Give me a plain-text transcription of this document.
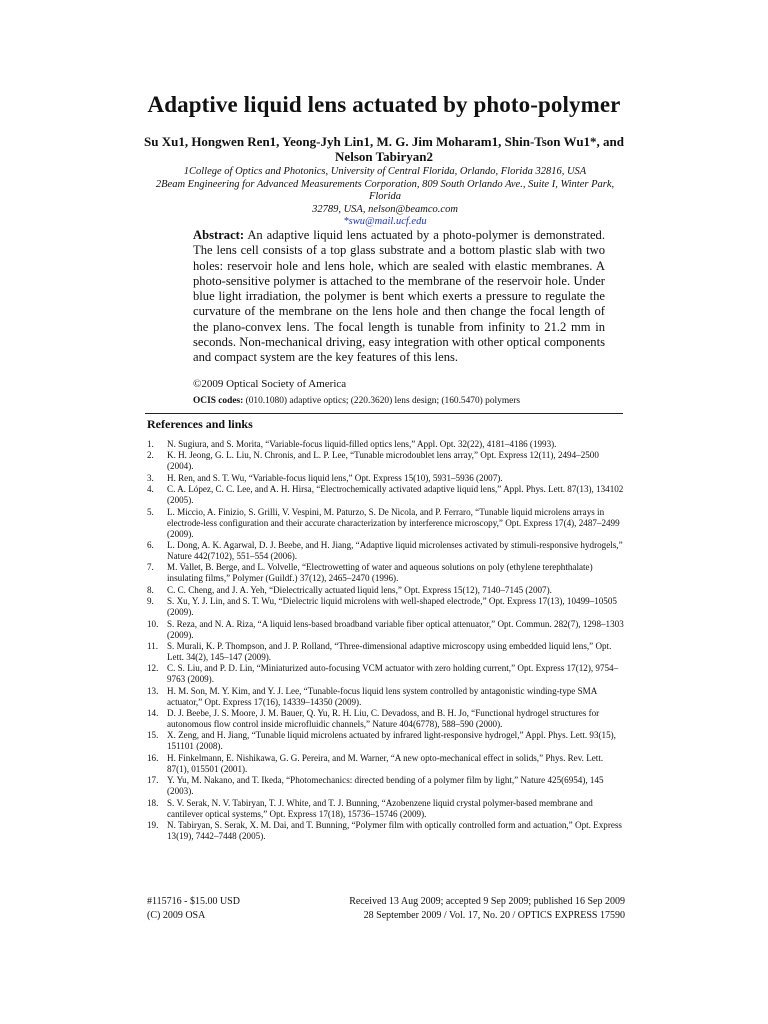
Adaptive liquid lens actuated by photo-polymer
Su Xu1, Hongwen Ren1, Yeong-Jyh Lin1, M. G. Jim Moharam1, Shin-Tson Wu1*, and
Nelson Tabiryan2
1College of Optics and Photonics, University of Central Florida, Orlando, Florida 32816, USA
2Beam Engineering for Advanced Measurements Corporation, 809 South Orlando Ave., Suite I, Winter Park, Florida
32789, USA, nelson@beamco.com
*swu@mail.ucf.edu
Abstract: An adaptive liquid lens actuated by a photo-polymer is demonstrated. The lens cell consists of a top glass substrate and a bottom plastic slab with two holes: reservoir hole and lens hole, which are sealed with elastic membranes. A photo-sensitive polymer is attached to the membrane of the reservoir hole. Under blue light irradiation, the polymer is bent which exerts a pressure to regulate the curvature of the membrane on the lens hole and then change the focal length of the plano-convex lens. The focal length is tunable from infinity to 21.2 mm in seconds. Non-mechanical driving, easy integration with other optical components and compact system are the key features of this lens.
©2009 Optical Society of America
OCIS codes: (010.1080) adaptive optics; (220.3620) lens design; (160.5470) polymers
References and links
1.	N. Sugiura, and S. Morita, “Variable-focus liquid-filled optics lens,” Appl. Opt. 32(22), 4181–4186 (1993).
2.	K. H. Jeong, G. L. Liu, N. Chronis, and L. P. Lee, “Tunable microdoublet lens array,” Opt. Express 12(11), 2494–2500 (2004).
3.	H. Ren, and S. T. Wu, “Variable-focus liquid lens,” Opt. Express 15(10), 5931–5936 (2007).
4.	C. A. López, C. C. Lee, and A. H. Hirsa, “Electrochemically activated adaptive liquid lens,” Appl. Phys. Lett. 87(13), 134102 (2005).
5.	L. Miccio, A. Finizio, S. Grilli, V. Vespini, M. Paturzo, S. De Nicola, and P. Ferraro, “Tunable liquid microlens arrays in electrode-less configuration and their accurate characterization by interference microscopy,” Opt. Express 17(4), 2487–2499 (2009).
6.	L. Dong, A. K. Agarwal, D. J. Beebe, and H. Jiang, “Adaptive liquid microlenses activated by stimuli-responsive hydrogels,” Nature 442(7102), 551–554 (2006).
7.	M. Vallet, B. Berge, and L. Volvelle, “Electrowetting of water and aqueous solutions on poly (ethylene terephthalate) insulating films,” Polymer (Guildf.) 37(12), 2465–2470 (1996).
8.	C. C. Cheng, and J. A. Yeh, “Dielectrically actuated liquid lens,” Opt. Express 15(12), 7140–7145 (2007).
9.	S. Xu, Y. J. Lin, and S. T. Wu, “Dielectric liquid microlens with well-shaped electrode,” Opt. Express 17(13), 10499–10505 (2009).
10. S. Reza, and N. A. Riza, “A liquid lens-based broadband variable fiber optical attenuator,” Opt. Commun. 282(7), 1298–1303 (2009).
11. S. Murali, K. P. Thompson, and J. P. Rolland, “Three-dimensional adaptive microscopy using embedded liquid lens,” Opt. Lett. 34(2), 145–147 (2009).
12. C. S. Liu, and P. D. Lin, “Miniaturized auto-focusing VCM actuator with zero holding current,” Opt. Express 17(12), 9754–9763 (2009).
13. H. M. Son, M. Y. Kim, and Y. J. Lee, “Tunable-focus liquid lens system controlled by antagonistic winding-type SMA actuator,” Opt. Express 17(16), 14339–14350 (2009).
14. D. J. Beebe, J. S. Moore, J. M. Bauer, Q. Yu, R. H. Liu, C. Devadoss, and B. H. Jo, “Functional hydrogel structures for autonomous flow control inside microfluidic channels,” Nature 404(6778), 588–590 (2000).
15. X. Zeng, and H. Jiang, “Tunable liquid microlens actuated by infrared light-responsive hydrogel,” Appl. Phys. Lett. 93(15), 151101 (2008).
16. H. Finkelmann, E. Nishikawa, G. G. Pereira, and M. Warner, “A new opto-mechanical effect in solids,” Phys. Rev. Lett. 87(1), 015501 (2001).
17. Y. Yu, M. Nakano, and T. Ikeda, “Photomechanics: directed bending of a polymer film by light,” Nature 425(6954), 145 (2003).
18. S. V. Serak, N. V. Tabiryan, T. J. White, and T. J. Bunning, “Azobenzene liquid crystal polymer-based membrane and cantilever optical systems,” Opt. Express 17(18), 15736–15746 (2009).
19. N. Tabiryan, S. Serak, X. M. Dai, and T. Bunning, “Polymer film with optically controlled form and actuation,” Opt. Express 13(19), 7442–7448 (2005).
#115716 - $15.00 USD	Received 13 Aug 2009; accepted 9 Sep 2009; published 16 Sep 2009
(C) 2009 OSA	28 September 2009 / Vol. 17, No. 20 / OPTICS EXPRESS 17590
